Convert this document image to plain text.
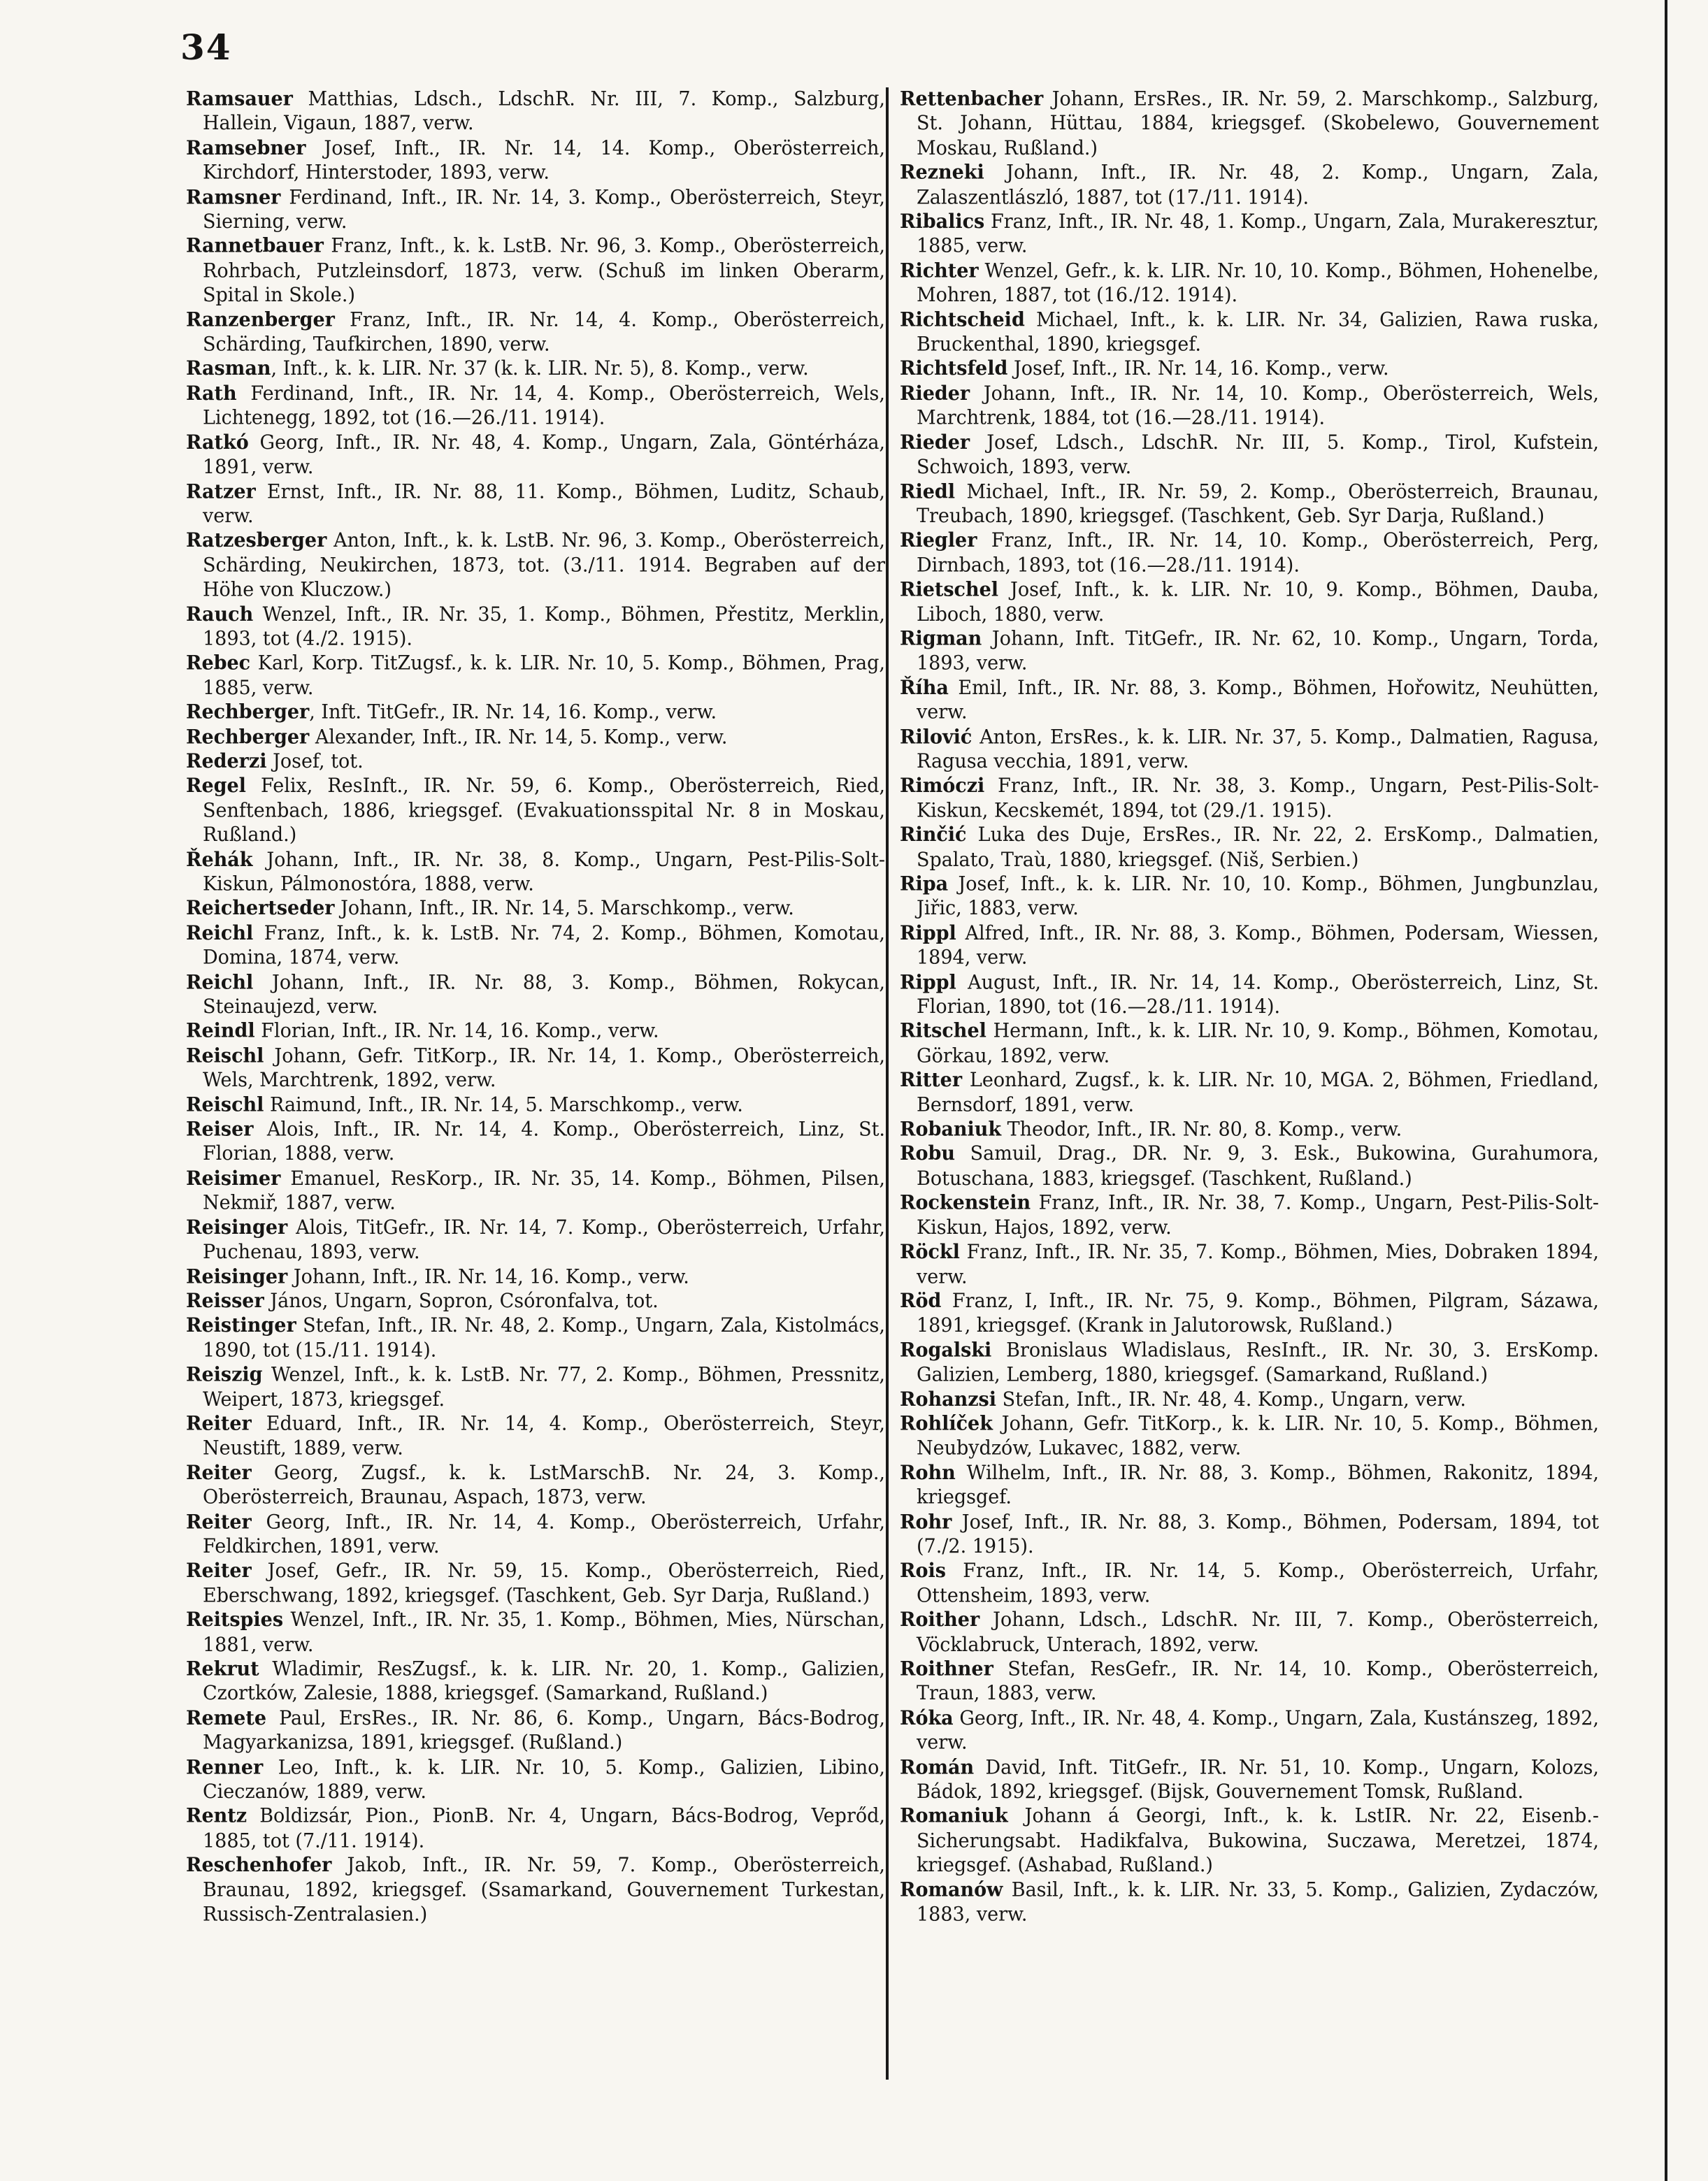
34

Ramsauer Matthias, Ldsch., LdschR. Nr. III, 7. Komp., Salzburg, Hallein, Vigaun, 1887, verw.

Ramsebner Josef, Inft., IR. Nr. 14, 14. Komp., Oberösterreich, Kirchdorf, Hinterstoder, 1893, verw.

Ramsner Ferdinand, Inft., IR. Nr. 14, 3. Komp., Oberösterreich, Steyr, Sierning, verw.

Rannetbauer Franz, Inft., k. k. LstB. Nr. 96, 3. Komp., Oberösterreich, Rohrbach, Putzleinsdorf, 1873, verw. (Schuß im linken Oberarm, Spital in Skole.)

Ranzenberger Franz, Inft., IR. Nr. 14, 4. Komp., Oberösterreich, Schärding, Taufkirchen, 1890, verw.

Rasman, Inft., k. k. LIR. Nr. 37 (k. k. LIR. Nr. 5), 8. Komp., verw.

Rath Ferdinand, Inft., IR. Nr. 14, 4. Komp., Oberösterreich, Wels, Lichtenegg, 1892, tot (16.—26./11. 1914).

Ratkó Georg, Inft., IR. Nr. 48, 4. Komp., Ungarn, Zala, Göntérháza, 1891, verw.

Ratzer Ernst, Inft., IR. Nr. 88, 11. Komp., Böhmen, Luditz, Schaub, verw.

Ratzesberger Anton, Inft., k. k. LstB. Nr. 96, 3. Komp., Oberösterreich, Schärding, Neukirchen, 1873, tot. (3./11. 1914. Begraben auf der Höhe von Kluczow.)

Rauch Wenzel, Inft., IR. Nr. 35, 1. Komp., Böhmen, Přestitz, Merklin, 1893, tot (4./2. 1915).

Rebec Karl, Korp. TitZugsf., k. k. LIR. Nr. 10, 5. Komp., Böhmen, Prag, 1885, verw.

Rechberger, Inft. TitGefr., IR. Nr. 14, 16. Komp., verw.

Rechberger Alexander, Inft., IR. Nr. 14, 5. Komp., verw.

Rederzi Josef, tot.

Regel Felix, ResInft., IR. Nr. 59, 6. Komp., Oberösterreich, Ried, Senftenbach, 1886, kriegsgef. (Evakuationsspital Nr. 8 in Moskau, Rußland.)

Řehák Johann, Inft., IR. Nr. 38, 8. Komp., Ungarn, Pest-Pilis-Solt-Kiskun, Pálmonostóra, 1888, verw.

Reichertseder Johann, Inft., IR. Nr. 14, 5. Marschkomp., verw.

Reichl Franz, Inft., k. k. LstB. Nr. 74, 2. Komp., Böhmen, Komotau, Domina, 1874, verw.

Reichl Johann, Inft., IR. Nr. 88, 3. Komp., Böhmen, Rokycan, Steinaujezd, verw.

Reindl Florian, Inft., IR. Nr. 14, 16. Komp., verw.

Reischl Johann, Gefr. TitKorp., IR. Nr. 14, 1. Komp., Oberösterreich, Wels, Marchtrenk, 1892, verw.

Reischl Raimund, Inft., IR. Nr. 14, 5. Marschkomp., verw.

Reiser Alois, Inft., IR. Nr. 14, 4. Komp., Oberösterreich, Linz, St. Florian, 1888, verw.

Reisimer Emanuel, ResKorp., IR. Nr. 35, 14. Komp., Böhmen, Pilsen, Nekmiř, 1887, verw.

Reisinger Alois, TitGefr., IR. Nr. 14, 7. Komp., Oberösterreich, Urfahr, Puchenau, 1893, verw.

Reisinger Johann, Inft., IR. Nr. 14, 16. Komp., verw.

Reisser János, Ungarn, Sopron, Csóronfalva, tot.

Reistinger Stefan, Inft., IR. Nr. 48, 2. Komp., Ungarn, Zala, Kistolmács, 1890, tot (15./11. 1914).

Reiszig Wenzel, Inft., k. k. LstB. Nr. 77, 2. Komp., Böhmen, Pressnitz, Weipert, 1873, kriegsgef.

Reiter Eduard, Inft., IR. Nr. 14, 4. Komp., Oberösterreich, Steyr, Neustift, 1889, verw.

Reiter Georg, Zugsf., k. k. LstMarschB. Nr. 24, 3. Komp., Oberösterreich, Braunau, Aspach, 1873, verw.

Reiter Georg, Inft., IR. Nr. 14, 4. Komp., Oberösterreich, Urfahr, Feldkirchen, 1891, verw.

Reiter Josef, Gefr., IR. Nr. 59, 15. Komp., Oberösterreich, Ried, Eberschwang, 1892, kriegsgef. (Taschkent, Geb. Syr Darja, Rußland.)

Reitspies Wenzel, Inft., IR. Nr. 35, 1. Komp., Böhmen, Mies, Nürschan, 1881, verw.

Rekrut Wladimir, ResZugsf., k. k. LIR. Nr. 20, 1. Komp., Galizien, Czortków, Zalesie, 1888, kriegsgef. (Samarkand, Rußland.)

Remete Paul, ErsRes., IR. Nr. 86, 6. Komp., Ungarn, Bács-Bodrog, Magyarkanizsa, 1891, kriegsgef. (Rußland.)

Renner Leo, Inft., k. k. LIR. Nr. 10, 5. Komp., Galizien, Libino, Cieczanów, 1889, verw.

Rentz Boldizsár, Pion., PionB. Nr. 4, Ungarn, Bács-Bodrog, Veprőd, 1885, tot (7./11. 1914).

Reschenhofer Jakob, Inft., IR. Nr. 59, 7. Komp., Oberösterreich, Braunau, 1892, kriegsgef. (Ssamarkand, Gouvernement Turkestan, Russisch-Zentralasien.)

Rettenbacher Johann, ErsRes., IR. Nr. 59, 2. Marschkomp., Salzburg, St. Johann, Hüttau, 1884, kriegsgef. (Skobelewo, Gouvernement Moskau, Rußland.)

Rezneki Johann, Inft., IR. Nr. 48, 2. Komp., Ungarn, Zala, Zalaszentlászló, 1887, tot (17./11. 1914).

Ribalics Franz, Inft., IR. Nr. 48, 1. Komp., Ungarn, Zala, Murakeresztur, 1885, verw.

Richter Wenzel, Gefr., k. k. LIR. Nr. 10, 10. Komp., Böhmen, Hohenelbe, Mohren, 1887, tot (16./12. 1914).

Richtscheid Michael, Inft., k. k. LIR. Nr. 34, Galizien, Rawa ruska, Bruckenthal, 1890, kriegsgef.

Richtsfeld Josef, Inft., IR. Nr. 14, 16. Komp., verw.

Rieder Johann, Inft., IR. Nr. 14, 10. Komp., Oberösterreich, Wels, Marchtrenk, 1884, tot (16.—28./11. 1914).

Rieder Josef, Ldsch., LdschR. Nr. III, 5. Komp., Tirol, Kufstein, Schwoich, 1893, verw.

Riedl Michael, Inft., IR. Nr. 59, 2. Komp., Oberösterreich, Braunau, Treubach, 1890, kriegsgef. (Taschkent, Geb. Syr Darja, Rußland.)

Riegler Franz, Inft., IR. Nr. 14, 10. Komp., Oberösterreich, Perg, Dirnbach, 1893, tot (16.—28./11. 1914).

Rietschel Josef, Inft., k. k. LIR. Nr. 10, 9. Komp., Böhmen, Dauba, Liboch, 1880, verw.

Rigman Johann, Inft. TitGefr., IR. Nr. 62, 10. Komp., Ungarn, Torda, 1893, verw.

Říha Emil, Inft., IR. Nr. 88, 3. Komp., Böhmen, Hořowitz, Neuhütten, verw.

Rilović Anton, ErsRes., k. k. LIR. Nr. 37, 5. Komp., Dalmatien, Ragusa, Ragusa vecchia, 1891, verw.

Rimóczi Franz, Inft., IR. Nr. 38, 3. Komp., Ungarn, Pest-Pilis-Solt-Kiskun, Kecskemét, 1894, tot (29./1. 1915).

Rinčić Luka des Duje, ErsRes., IR. Nr. 22, 2. ErsKomp., Dalmatien, Spalato, Traù, 1880, kriegsgef. (Niš, Serbien.)

Ripa Josef, Inft., k. k. LIR. Nr. 10, 10. Komp., Böhmen, Jungbunzlau, Jiřic, 1883, verw.

Rippl Alfred, Inft., IR. Nr. 88, 3. Komp., Böhmen, Podersam, Wiessen, 1894, verw.

Rippl August, Inft., IR. Nr. 14, 14. Komp., Oberösterreich, Linz, St. Florian, 1890, tot (16.—28./11. 1914).

Ritschel Hermann, Inft., k. k. LIR. Nr. 10, 9. Komp., Böhmen, Komotau, Görkau, 1892, verw.

Ritter Leonhard, Zugsf., k. k. LIR. Nr. 10, MGA. 2, Böhmen, Friedland, Bernsdorf, 1891, verw.

Robaniuk Theodor, Inft., IR. Nr. 80, 8. Komp., verw.

Robu Samuil, Drag., DR. Nr. 9, 3. Esk., Bukowina, Gurahumora, Botuschana, 1883, kriegsgef. (Taschkent, Rußland.)

Rockenstein Franz, Inft., IR. Nr. 38, 7. Komp., Ungarn, Pest-Pilis-Solt-Kiskun, Hajos, 1892, verw.

Röckl Franz, Inft., IR. Nr. 35, 7. Komp., Böhmen, Mies, Dobraken 1894, verw.

Röd Franz, I, Inft., IR. Nr. 75, 9. Komp., Böhmen, Pilgram, Sázawa, 1891, kriegsgef. (Krank in Jalutorowsk, Rußland.)

Rogalski Bronislaus Wladislaus, ResInft., IR. Nr. 30, 3. ErsKomp. Galizien, Lemberg, 1880, kriegsgef. (Samarkand, Rußland.)

Rohanzsi Stefan, Inft., IR. Nr. 48, 4. Komp., Ungarn, verw.

Rohlíček Johann, Gefr. TitKorp., k. k. LIR. Nr. 10, 5. Komp., Böhmen, Neubydzów, Lukavec, 1882, verw.

Rohn Wilhelm, Inft., IR. Nr. 88, 3. Komp., Böhmen, Rakonitz, 1894, kriegsgef.

Rohr Josef, Inft., IR. Nr. 88, 3. Komp., Böhmen, Podersam, 1894, tot (7./2. 1915).

Rois Franz, Inft., IR. Nr. 14, 5. Komp., Oberösterreich, Urfahr, Ottensheim, 1893, verw.

Roither Johann, Ldsch., LdschR. Nr. III, 7. Komp., Oberösterreich, Vöcklabruck, Unterach, 1892, verw.

Roithner Stefan, ResGefr., IR. Nr. 14, 10. Komp., Oberösterreich, Traun, 1883, verw.

Róka Georg, Inft., IR. Nr. 48, 4. Komp., Ungarn, Zala, Kustánszeg, 1892, verw.

Román David, Inft. TitGefr., IR. Nr. 51, 10. Komp., Ungarn, Kolozs, Bádok, 1892, kriegsgef. (Bijsk, Gouvernement Tomsk, Rußland.

Romaniuk Johann á Georgi, Inft., k. k. LstIR. Nr. 22, Eisenb.-Sicherungsabt. Hadikfalva, Bukowina, Suczawa, Meretzei, 1874, kriegsgef. (Ashabad, Rußland.)

Romanów Basil, Inft., k. k. LIR. Nr. 33, 5. Komp., Galizien, Zydaczów, 1883, verw.
